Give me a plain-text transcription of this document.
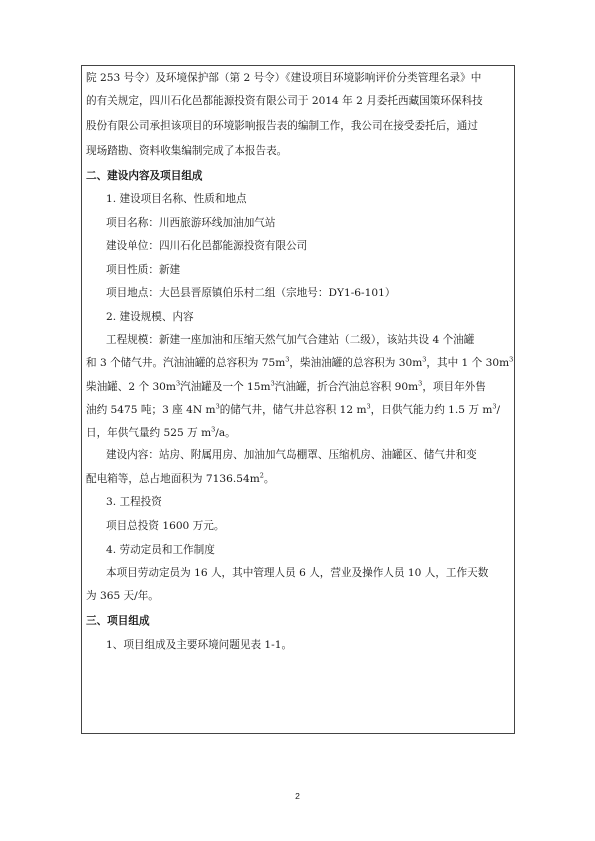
院 253 号令）及环境保护部（第 2 号令）《建设项目环境影响评价分类管理名录》中
的有关规定，四川石化邑都能源投资有限公司于 2014 年 2 月委托西藏国策环保科技
股份有限公司承担该项目的环境影响报告表的编制工作，我公司在接受委托后，通过
现场踏勘、资料收集编制完成了本报告表。
二、建设内容及项目组成
1. 建设项目名称、性质和地点
项目名称：川西旅游环线加油加气站
建设单位：四川石化邑都能源投资有限公司
项目性质：新建
项目地点：大邑县晋原镇伯乐村二组（宗地号：DY1-6-101）
2. 建设规模、内容
工程规模：新建一座加油和压缩天然气加气合建站（二级），该站共设 4 个油罐
和 3 个储气井。汽油油罐的总容积为 $75m^3$，柴油油罐的总容积为 $30m^3$，其中 1 个 $30m^3$
柴油罐、2 个 $30m^3$汽油罐及一个 $15m^3$汽油罐，折合汽油总容积 $90m^3$，项目年外售
油约 5475 吨；3 座 4N $m^3$的储气井，储气井总容积 12 $m^3$，日供气能力约 1.5 万 $m^3/$
日，年供气量约 525 万 $m^3/a$。
建设内容：站房、附属用房、加油加气岛棚罩、压缩机房、油罐区、储气井和变
配电箱等，总占地面积为 $7136.54m^2$。
3. 工程投资
项目总投资 1600 万元。
4. 劳动定员和工作制度
本项目劳动定员为 16 人，其中管理人员 6 人，营业及操作人员 10 人，工作天数
为 365 天/年。
三、项目组成
1、项目组成及主要环境问题见表 1-1。
2
